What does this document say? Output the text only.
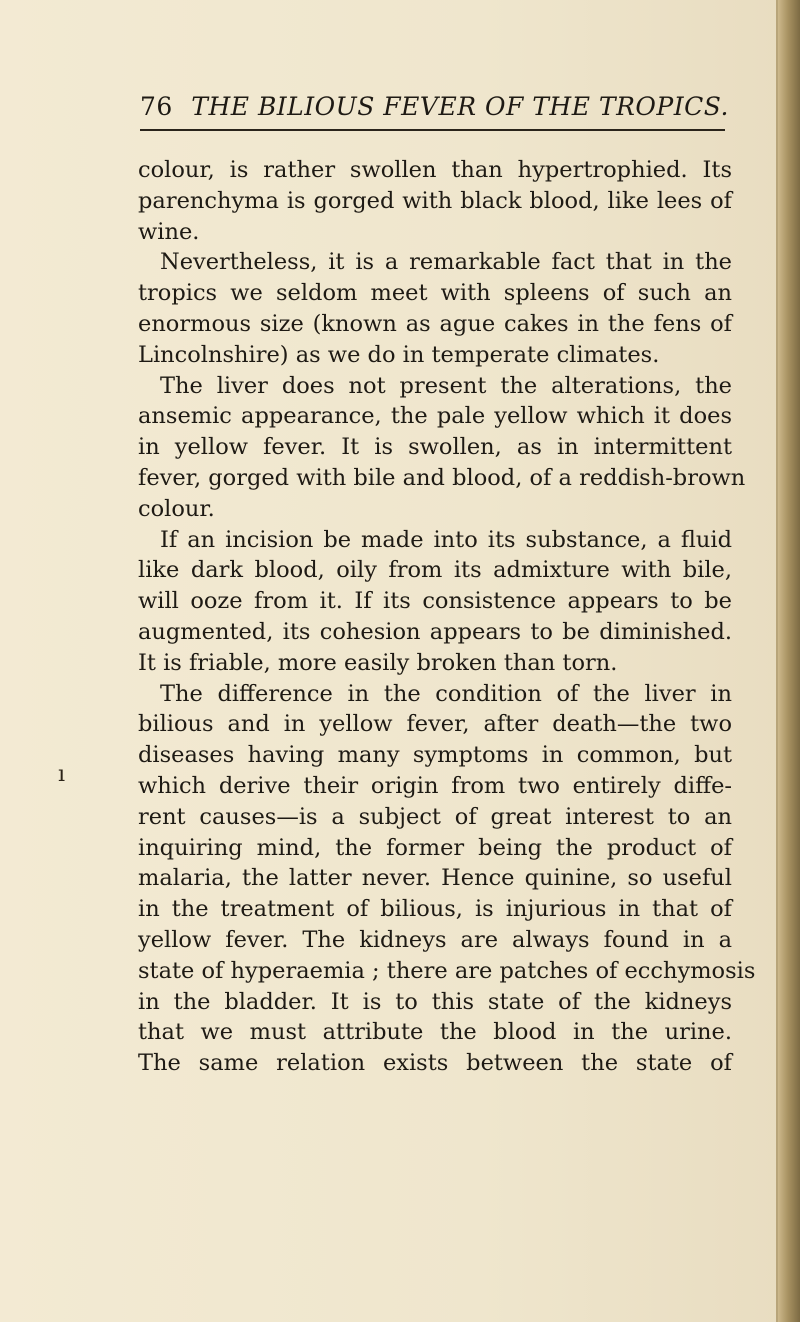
76 THE BILIOUS FEVER OF THE TROPICS.
ı
colour, is rather swollen than hypertrophied. Its
parenchyma is gorged with black blood, like lees of
wine.
Nevertheless, it is a remarkable fact that in the
tropics we seldom meet with spleens of such an
enormous size (known as ague cakes in the fens of
Lincolnshire) as we do in temperate climates.
The liver does not present the alterations, the
ansemic appearance, the pale yellow which it does
in yellow fever. It is swollen, as in intermittent
fever, gorged with bile and blood, of a reddish-brown
colour.
If an incision be made into its substance, a fluid
like dark blood, oily from its admixture with bile,
will ooze from it. If its consistence appears to be
augmented, its cohesion appears to be diminished.
It is friable, more easily broken than torn.
The difference in the condition of the liver in
bilious and in yellow fever, after death—the two
diseases having many symptoms in common, but
which derive their origin from two entirely diffe-
rent causes—is a subject of great interest to an
inquiring mind, the former being the product of
malaria, the latter never. Hence quinine, so useful
in the treatment of bilious, is injurious in that of
yellow fever. The kidneys are always found in a
state of hyperaemia ; there are patches of ecchymosis
in the bladder. It is to this state of the kidneys
that we must attribute the blood in the urine.
The same relation exists between the state of
